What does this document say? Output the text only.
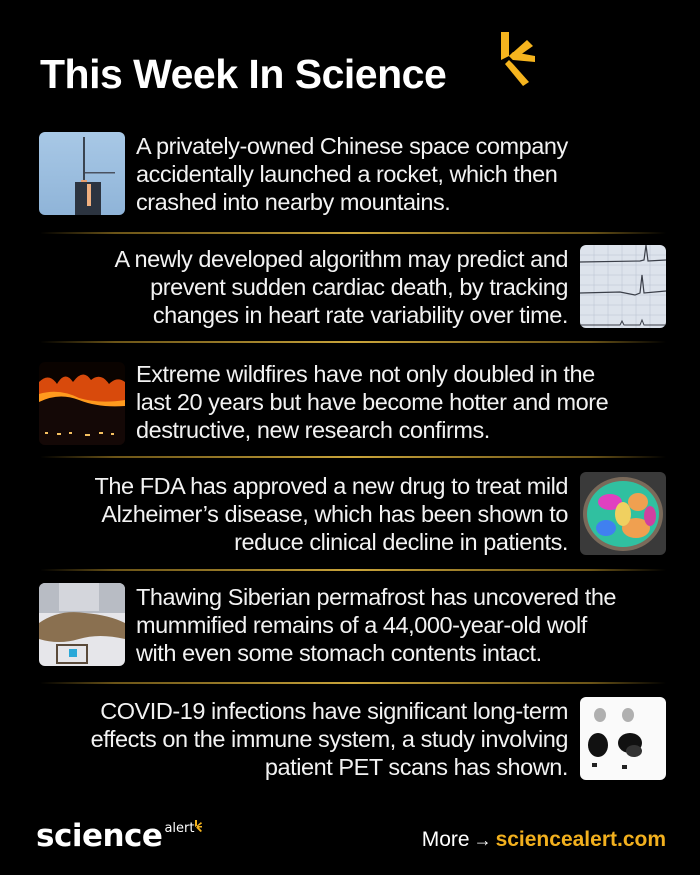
This Week In Science
A privately-owned Chinese space company
accidentally launched a rocket, which then
crashed into nearby mountains.
A newly developed algorithm may predict and
prevent sudden cardiac death, by tracking
changes in heart rate variability over time.
Extreme wildfires have not only doubled in the
last 20 years but have become hotter and more
destructive, new research confirms.
The FDA has approved a new drug to treat mild
Alzheimer’s disease, which has been shown to
reduce clinical decline in patients.
Thawing Siberian permafrost has uncovered the
mummified remains of a 44,000-year-old wolf
with even some stomach contents intact.
COVID-19 infections have significant long-term
effects on the immune system, a study involving
patient PET scans has shown.
science $^{alert}$	More → sciencealert.com
